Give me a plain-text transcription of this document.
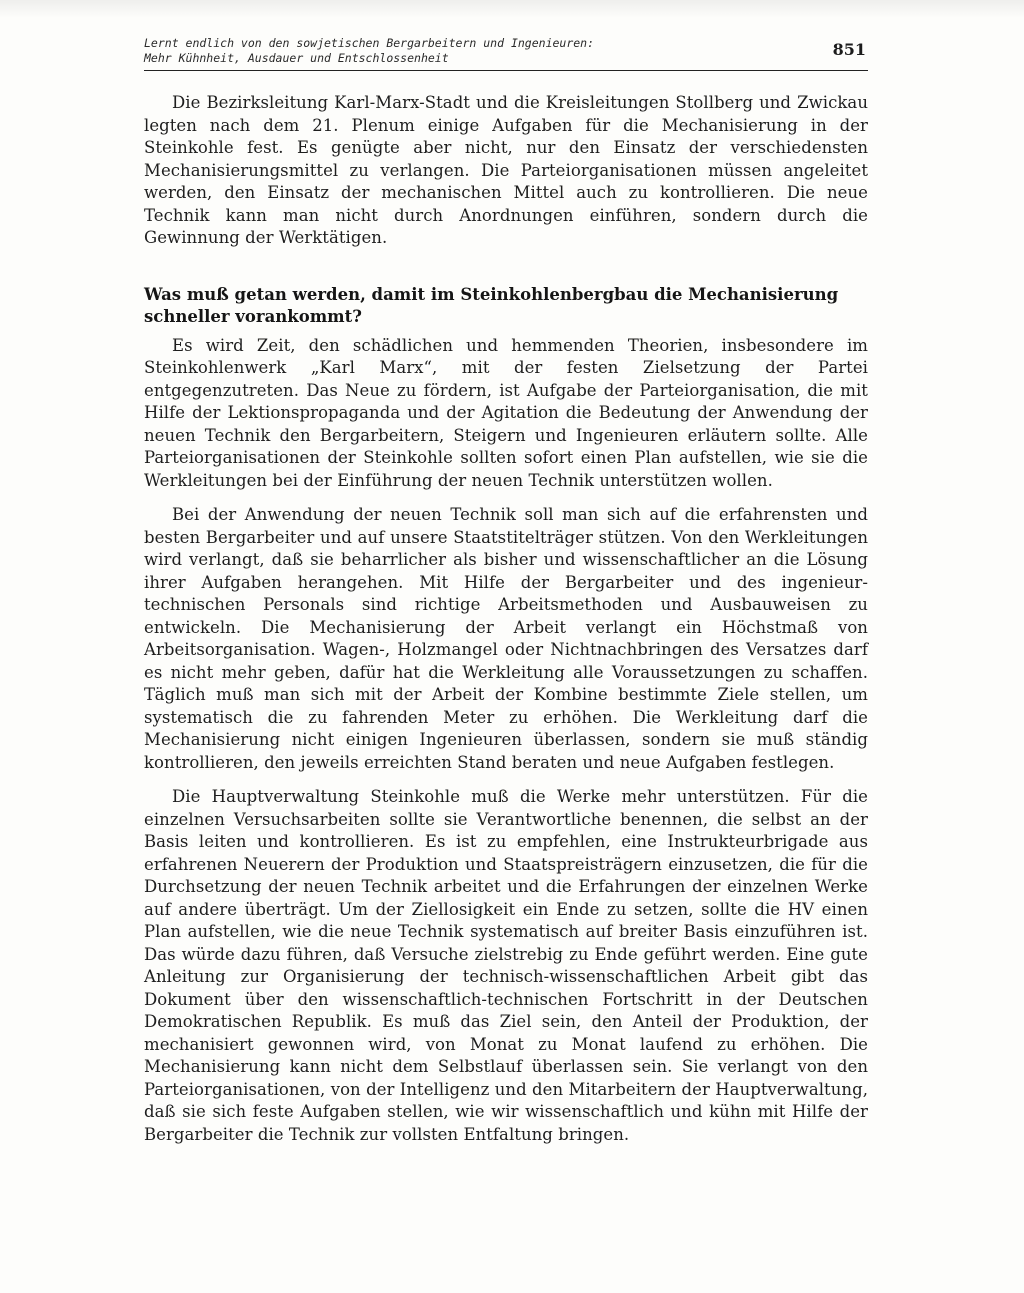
Lernt endlich von den sowjetischen Bergarbeitern und Ingenieuren:
Mehr Kühnheit, Ausdauer und Entschlossenheit	851

Die Bezirksleitung Karl-Marx-Stadt und die Kreisleitungen Stollberg und Zwickau legten nach dem 21. Plenum einige Aufgaben für die Mechanisierung in der Steinkohle fest. Es genügte aber nicht, nur den Einsatz der verschiedensten Mechanisierungsmittel zu verlangen. Die Parteiorganisationen müssen angeleitet werden, den Einsatz der mechanischen Mittel auch zu kontrollieren. Die neue Technik kann man nicht durch Anordnungen einführen, sondern durch die Gewinnung der Werktätigen.

Was muß getan werden, damit im Steinkohlenbergbau die Mechanisierung schneller vorankommt?

Es wird Zeit, den schädlichen und hemmenden Theorien, insbesondere im Steinkohlenwerk „Karl Marx“, mit der festen Zielsetzung der Partei entgegenzutreten. Das Neue zu fördern, ist Aufgabe der Parteiorganisation, die mit Hilfe der Lektionspropaganda und der Agitation die Bedeutung der Anwendung der neuen Technik den Bergarbeitern, Steigern und Ingenieuren erläutern sollte. Alle Parteiorganisationen der Steinkohle sollten sofort einen Plan aufstellen, wie sie die Werkleitungen bei der Einführung der neuen Technik unterstützen wollen.

Bei der Anwendung der neuen Technik soll man sich auf die erfahrensten und besten Bergarbeiter und auf unsere Staatstitelträger stützen. Von den Werkleitungen wird verlangt, daß sie beharrlicher als bisher und wissenschaftlicher an die Lösung ihrer Aufgaben herangehen. Mit Hilfe der Bergarbeiter und des ingenieur-technischen Personals sind richtige Arbeitsmethoden und Ausbauweisen zu entwickeln. Die Mechanisierung der Arbeit verlangt ein Höchstmaß von Arbeitsorganisation. Wagen-, Holzmangel oder Nichtnachbringen des Versatzes darf es nicht mehr geben, dafür hat die Werkleitung alle Voraussetzungen zu schaffen. Täglich muß man sich mit der Arbeit der Kombine bestimmte Ziele stellen, um systematisch die zu fahrenden Meter zu erhöhen. Die Werkleitung darf die Mechanisierung nicht einigen Ingenieuren überlassen, sondern sie muß ständig kontrollieren, den jeweils erreichten Stand beraten und neue Aufgaben festlegen.

Die Hauptverwaltung Steinkohle muß die Werke mehr unterstützen. Für die einzelnen Versuchsarbeiten sollte sie Verantwortliche benennen, die selbst an der Basis leiten und kontrollieren. Es ist zu empfehlen, eine Instrukteurbrigade aus erfahrenen Neuerern der Produktion und Staatspreisträgern einzusetzen, die für die Durchsetzung der neuen Technik arbeitet und die Erfahrungen der einzelnen Werke auf andere überträgt. Um der Ziellosigkeit ein Ende zu setzen, sollte die HV einen Plan aufstellen, wie die neue Technik systematisch auf breiter Basis einzuführen ist. Das würde dazu führen, daß Versuche zielstrebig zu Ende geführt werden. Eine gute Anleitung zur Organisierung der technisch-wissenschaftlichen Arbeit gibt das Dokument über den wissenschaftlich-technischen Fortschritt in der Deutschen Demokratischen Republik. Es muß das Ziel sein, den Anteil der Produktion, der mechanisiert gewonnen wird, von Monat zu Monat laufend zu erhöhen. Die Mechanisierung kann nicht dem Selbstlauf überlassen sein. Sie verlangt von den Parteiorganisationen, von der Intelligenz und den Mitarbeitern der Hauptverwaltung, daß sie sich feste Aufgaben stellen, wie wir wissenschaftlich und kühn mit Hilfe der Bergarbeiter die Technik zur vollsten Entfaltung bringen.
